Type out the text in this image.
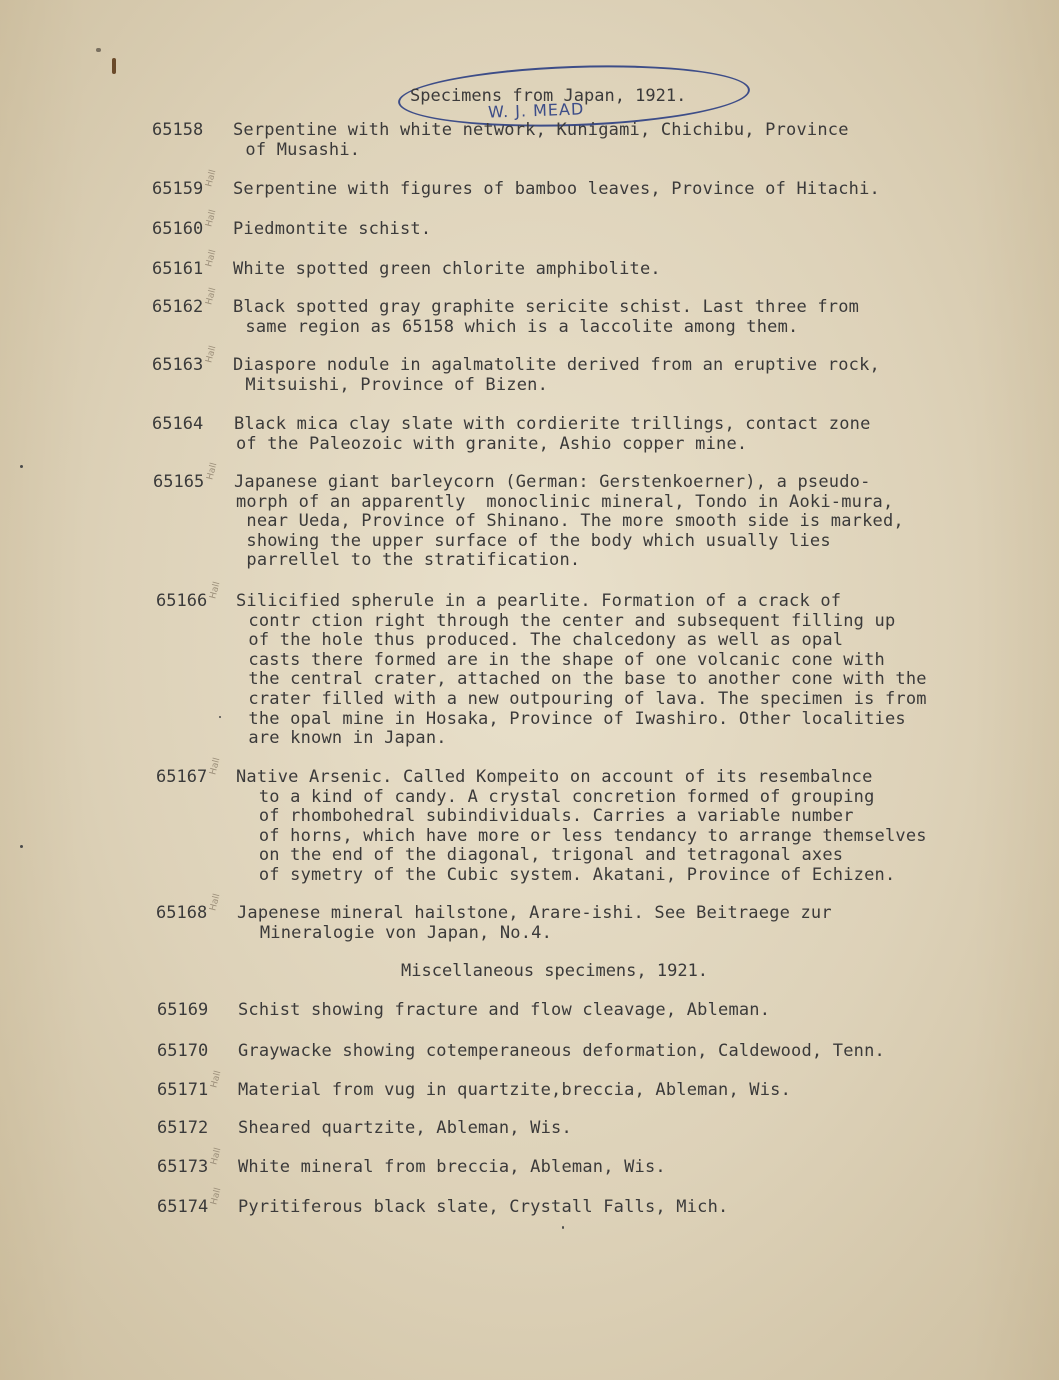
Specimens from Japan, 1921.
W. J. MEAD
65158 Serpentine with white network, Kunigami, Chichibu, Province
of Musashi.
65159
Hall
Serpentine with figures of bamboo leaves, Province of Hitachi.
65160
Hall
Piedmontite schist.
65161
Hall
White spotted green chlorite amphibolite.
65162
Hall
Black spotted gray graphite sericite schist. Last three from
same region as 65158 which is a laccolite among them.
65163
Hall
Diaspore nodule in agalmatolite derived from an eruptive rock,
Mitsuishi, Province of Bizen.
65164 Black mica clay slate with cordierite trillings, contact zone
of the Paleozoic with granite, Ashio copper mine.
65165
Hall
Japanese giant barleycorn (German: Gerstenkoerner), a pseudo-
morph of an apparently  monoclinic mineral, Tondo in Aoki-mura,
near Ueda, Province of Shinano. The more smooth side is marked,
showing the upper surface of the body which usually lies
parrellel to the stratification.
65166
Hall
Silicified spherule in a pearlite. Formation of a crack of
contr ction right through the center and subsequent filling up
of the hole thus produced. The chalcedony as well as opal
casts there formed are in the shape of one volcanic cone with
the central crater, attached on the base to another cone with the
crater filled with a new outpouring of lava. The specimen is from
the opal mine in Hosaka, Province of Iwashiro. Other localities
are known in Japan.
65167
Hall
Native Arsenic. Called Kompeito on account of its resembalnce
to a kind of candy. A crystal concretion formed of grouping
of rhombohedral subindividuals. Carries a variable number
of horns, which have more or less tendancy to arrange themselves
on the end of the diagonal, trigonal and tetragonal axes
of symetry of the Cubic system. Akatani, Province of Echizen.
65168
Hall
Japenese mineral hailstone, Arare-ishi. See Beitraege zur
Mineralogie von Japan, No.4.
Miscellaneous specimens, 1921.
65169 Schist showing fracture and flow cleavage, Ableman.
65170 Graywacke showing cotemperaneous deformation, Caldewood, Tenn.
65171
Hall
Material from vug in quartzite,breccia, Ableman, Wis.
65172 Sheared quartzite, Ableman, Wis.
65173
Hall
White mineral from breccia, Ableman, Wis.
65174
Hall
Pyritiferous black slate, Crystall Falls, Mich.
